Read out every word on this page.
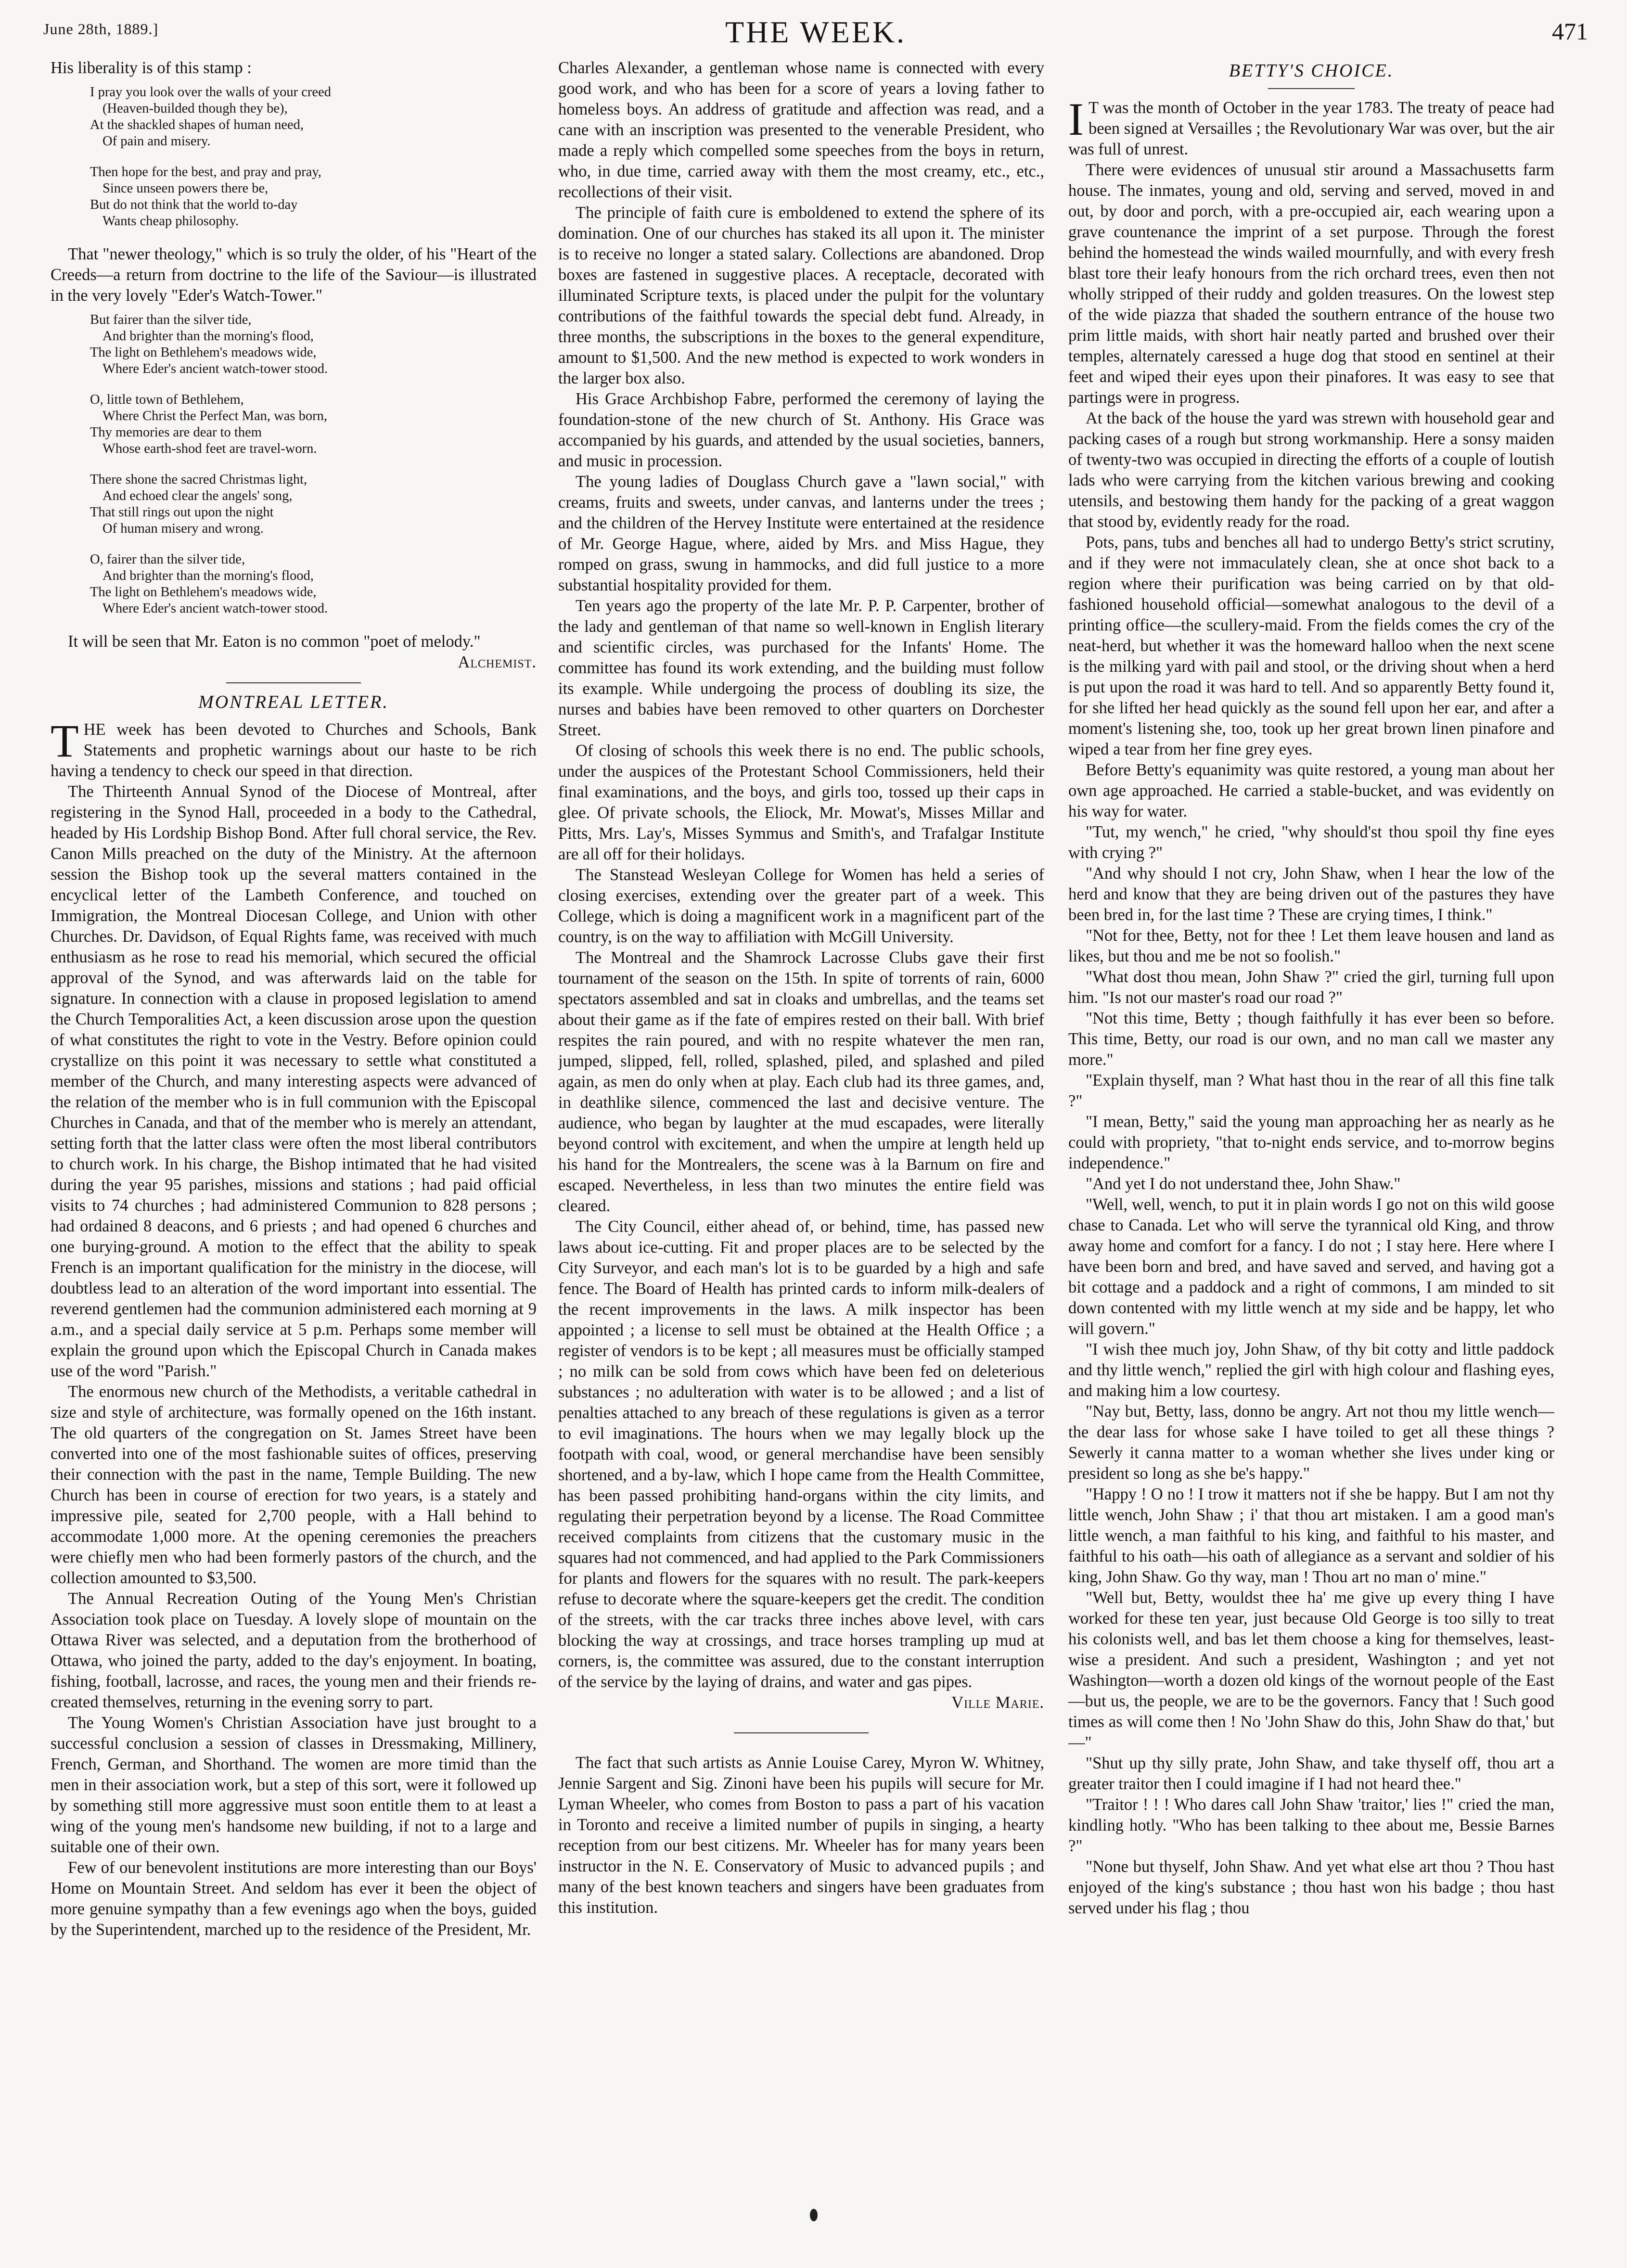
June 28th, 1889.]	THE WEEK.	471

His liberality is of this stamp :

I pray you look over the walls of your creed
(Heaven-builded though they be),
At the shackled shapes of human need,
Of pain and misery.
Then hope for the best, and pray and pray,
Since unseen powers there be,
But do not think that the world to-day
Wants cheap philosophy.

That "newer theology," which is so truly the older, of his "Heart of the Creeds—a return from doctrine to the life of the Saviour—is illustrated in the very lovely "Eder's Watch-Tower."

But fairer than the silver tide,
And brighter than the morning's flood,
The light on Bethlehem's meadows wide,
Where Eder's ancient watch-tower stood.
O, little town of Bethlehem,
Where Christ the Perfect Man, was born,
Thy memories are dear to them
Whose earth-shod feet are travel-worn.
There shone the sacred Christmas light,
And echoed clear the angels' song,
That still rings out upon the night
Of human misery and wrong.
O, fairer than the silver tide,
And brighter than the morning's flood,
The light on Bethlehem's meadows wide,
Where Eder's ancient watch-tower stood.

It will be seen that Mr. Eaton is no common "poet of melody."

Alchemist.
MONTREAL LETTER.

THE week has been devoted to Churches and Schools, Bank Statements and prophetic warnings about our haste to be rich having a tendency to check our speed in that direction.

The Thirteenth Annual Synod of the Diocese of Montreal, after registering in the Synod Hall, proceeded in a body to the Cathedral, headed by His Lordship Bishop Bond. After full choral service, the Rev. Canon Mills preached on the duty of the Ministry. At the afternoon session the Bishop took up the several matters contained in the encyclical letter of the Lambeth Conference, and touched on Immigration, the Montreal Diocesan College, and Union with other Churches. Dr. Davidson, of Equal Rights fame, was received with much enthusiasm as he rose to read his memorial, which secured the official approval of the Synod, and was afterwards laid on the table for signature. In connection with a clause in proposed legislation to amend the Church Temporalities Act, a keen discussion arose upon the question of what constitutes the right to vote in the Vestry. Before opinion could crystallize on this point it was necessary to settle what constituted a member of the Church, and many interesting aspects were advanced of the relation of the member who is in full communion with the Episcopal Churches in Canada, and that of the member who is merely an attendant, setting forth that the latter class were often the most liberal contributors to church work. In his charge, the Bishop intimated that he had visited during the year 95 parishes, missions and stations ; had paid official visits to 74 churches ; had administered Communion to 828 persons ; had ordained 8 deacons, and 6 priests ; and had opened 6 churches and one burying-ground. A motion to the effect that the ability to speak French is an important qualification for the ministry in the diocese, will doubtless lead to an alteration of the word important into essential. The reverend gentlemen had the communion administered each morning at 9 a.m., and a special daily service at 5 p.m. Perhaps some member will explain the ground upon which the Episcopal Church in Canada makes use of the word "Parish."

The enormous new church of the Methodists, a veritable cathedral in size and style of architecture, was formally opened on the 16th instant. The old quarters of the congregation on St. James Street have been converted into one of the most fashionable suites of offices, preserving their connection with the past in the name, Temple Building. The new Church has been in course of erection for two years, is a stately and impressive pile, seated for 2,700 people, with a Hall behind to accommodate 1,000 more. At the opening ceremonies the preachers were chiefly men who had been formerly pastors of the church, and the collection amounted to $3,500.

The Annual Recreation Outing of the Young Men's Christian Association took place on Tuesday. A lovely slope of mountain on the Ottawa River was selected, and a deputation from the brotherhood of Ottawa, who joined the party, added to the day's enjoyment. In boating, fishing, football, lacrosse, and races, the young men and their friends re-created themselves, returning in the evening sorry to part.

The Young Women's Christian Association have just brought to a successful conclusion a session of classes in Dressmaking, Millinery, French, German, and Shorthand. The women are more timid than the men in their association work, but a step of this sort, were it followed up by something still more aggressive must soon entitle them to at least a wing of the young men's handsome new building, if not to a large and suitable one of their own.

Few of our benevolent institutions are more interesting than our Boys' Home on Mountain Street. And seldom has ever it been the object of more genuine sympathy than a few evenings ago when the boys, guided by the Superintendent, marched up to the residence of the President, Mr.

Charles Alexander, a gentleman whose name is connected with every good work, and who has been for a score of years a loving father to homeless boys. An address of gratitude and affection was read, and a cane with an inscription was presented to the venerable President, who made a reply which compelled some speeches from the boys in return, who, in due time, carried away with them the most creamy, etc., etc., recollections of their visit.

The principle of faith cure is emboldened to extend the sphere of its domination. One of our churches has staked its all upon it. The minister is to receive no longer a stated salary. Collections are abandoned. Drop boxes are fastened in suggestive places. A receptacle, decorated with illuminated Scripture texts, is placed under the pulpit for the voluntary contributions of the faithful towards the special debt fund. Already, in three months, the subscriptions in the boxes to the general expenditure, amount to $1,500. And the new method is expected to work wonders in the larger box also.

His Grace Archbishop Fabre, performed the ceremony of laying the foundation-stone of the new church of St. Anthony. His Grace was accompanied by his guards, and attended by the usual societies, banners, and music in procession.

The young ladies of Douglass Church gave a "lawn social," with creams, fruits and sweets, under canvas, and lanterns under the trees ; and the children of the Hervey Institute were entertained at the residence of Mr. George Hague, where, aided by Mrs. and Miss Hague, they romped on grass, swung in hammocks, and did full justice to a more substantial hospitality provided for them.

Ten years ago the property of the late Mr. P. P. Carpenter, brother of the lady and gentleman of that name so well-known in English literary and scientific circles, was purchased for the Infants' Home. The committee has found its work extending, and the building must follow its example. While undergoing the process of doubling its size, the nurses and babies have been removed to other quarters on Dorchester Street.

Of closing of schools this week there is no end. The public schools, under the auspices of the Protestant School Commissioners, held their final examinations, and the boys, and girls too, tossed up their caps in glee. Of private schools, the Eliock, Mr. Mowat's, Misses Millar and Pitts, Mrs. Lay's, Misses Symmus and Smith's, and Trafalgar Institute are all off for their holidays.

The Stanstead Wesleyan College for Women has held a series of closing exercises, extending over the greater part of a week. This College, which is doing a magnificent work in a magnificent part of the country, is on the way to affiliation with McGill University.

The Montreal and the Shamrock Lacrosse Clubs gave their first tournament of the season on the 15th. In spite of torrents of rain, 6000 spectators assembled and sat in cloaks and umbrellas, and the teams set about their game as if the fate of empires rested on their ball. With brief respites the rain poured, and with no respite whatever the men ran, jumped, slipped, fell, rolled, splashed, piled, and splashed and piled again, as men do only when at play. Each club had its three games, and, in deathlike silence, commenced the last and decisive venture. The audience, who began by laughter at the mud escapades, were literally beyond control with excitement, and when the umpire at length held up his hand for the Montrealers, the scene was à la Barnum on fire and escaped. Nevertheless, in less than two minutes the entire field was cleared.

The City Council, either ahead of, or behind, time, has passed new laws about ice-cutting. Fit and proper places are to be selected by the City Surveyor, and each man's lot is to be guarded by a high and safe fence. The Board of Health has printed cards to inform milk-dealers of the recent improvements in the laws. A milk inspector has been appointed ; a license to sell must be obtained at the Health Office ; a register of vendors is to be kept ; all measures must be officially stamped ; no milk can be sold from cows which have been fed on deleterious substances ; no adulteration with water is to be allowed ; and a list of penalties attached to any breach of these regulations is given as a terror to evil imaginations. The hours when we may legally block up the footpath with coal, wood, or general merchandise have been sensibly shortened, and a by-law, which I hope came from the Health Committee, has been passed prohibiting hand-organs within the city limits, and regulating their perpetration beyond by a license. The Road Committee received complaints from citizens that the customary music in the squares had not commenced, and had applied to the Park Commissioners for plants and flowers for the squares with no result. The park-keepers refuse to decorate where the square-keepers get the credit. The condition of the streets, with the car tracks three inches above level, with cars blocking the way at crossings, and trace horses trampling up mud at corners, is, the committee was assured, due to the constant interruption of the service by the laying of drains, and water and gas pipes.

Ville Marie.

The fact that such artists as Annie Louise Carey, Myron W. Whitney, Jennie Sargent and Sig. Zinoni have been his pupils will secure for Mr. Lyman Wheeler, who comes from Boston to pass a part of his vacation in Toronto and receive a limited number of pupils in singing, a hearty reception from our best citizens. Mr. Wheeler has for many years been instructor in the N. E. Conservatory of Music to advanced pupils ; and many of the best known teachers and singers have been graduates from this institution.

BETTY'S CHOICE.

I T was the month of October in the year 1783. The treaty of peace had been signed at Versailles ; the Revolutionary War was over, but the air was full of unrest.

There were evidences of unusual stir around a Massachusetts farm house. The inmates, young and old, serving and served, moved in and out, by door and porch, with a pre-occupied air, each wearing upon a grave countenance the imprint of a set purpose. Through the forest behind the homestead the winds wailed mournfully, and with every fresh blast tore their leafy honours from the rich orchard trees, even then not wholly stripped of their ruddy and golden treasures. On the lowest step of the wide piazza that shaded the southern entrance of the house two prim little maids, with short hair neatly parted and brushed over their temples, alternately caressed a huge dog that stood en sentinel at their feet and wiped their eyes upon their pinafores. It was easy to see that partings were in progress.

At the back of the house the yard was strewn with household gear and packing cases of a rough but strong workmanship. Here a sonsy maiden of twenty-two was occupied in directing the efforts of a couple of loutish lads who were carrying from the kitchen various brewing and cooking utensils, and bestowing them handy for the packing of a great waggon that stood by, evidently ready for the road.

Pots, pans, tubs and benches all had to undergo Betty's strict scrutiny, and if they were not immaculately clean, she at once shot back to a region where their purification was being carried on by that old-fashioned household official—somewhat analogous to the devil of a printing office—the scullery-maid. From the fields comes the cry of the neat-herd, but whether it was the homeward halloo when the next scene is the milking yard with pail and stool, or the driving shout when a herd is put upon the road it was hard to tell. And so apparently Betty found it, for she lifted her head quickly as the sound fell upon her ear, and after a moment's listening she, too, took up her great brown linen pinafore and wiped a tear from her fine grey eyes.

Before Betty's equanimity was quite restored, a young man about her own age approached. He carried a stable-bucket, and was evidently on his way for water.

"Tut, my wench," he cried, "why should'st thou spoil thy fine eyes with crying ?"

"And why should I not cry, John Shaw, when I hear the low of the herd and know that they are being driven out of the pastures they have been bred in, for the last time ? These are crying times, I think."

"Not for thee, Betty, not for thee ! Let them leave housen and land as likes, but thou and me be not so foolish."

"What dost thou mean, John Shaw ?" cried the girl, turning full upon him. "Is not our master's road our road ?"

"Not this time, Betty ; though faithfully it has ever been so before. This time, Betty, our road is our own, and no man call we master any more."

"Explain thyself, man ? What hast thou in the rear of all this fine talk ?"

"I mean, Betty," said the young man approaching her as nearly as he could with propriety, "that to-night ends service, and to-morrow begins independence."

"And yet I do not understand thee, John Shaw."

"Well, well, wench, to put it in plain words I go not on this wild goose chase to Canada. Let who will serve the tyrannical old King, and throw away home and comfort for a fancy. I do not ; I stay here. Here where I have been born and bred, and have saved and served, and having got a bit cottage and a paddock and a right of commons, I am minded to sit down contented with my little wench at my side and be happy, let who will govern."

"I wish thee much joy, John Shaw, of thy bit cotty and little paddock and thy little wench," replied the girl with high colour and flashing eyes, and making him a low courtesy.

"Nay but, Betty, lass, donno be angry. Art not thou my little wench—the dear lass for whose sake I have toiled to get all these things ? Sewerly it canna matter to a woman whether she lives under king or president so long as she be's happy."

"Happy ! O no ! I trow it matters not if she be happy. But I am not thy little wench, John Shaw ; i' that thou art mistaken. I am a good man's little wench, a man faithful to his king, and faithful to his master, and faithful to his oath—his oath of allegiance as a servant and soldier of his king, John Shaw. Go thy way, man ! Thou art no man o' mine."

"Well but, Betty, wouldst thee ha' me give up every thing I have worked for these ten year, just because Old George is too silly to treat his colonists well, and bas let them choose a king for themselves, least-wise a president. And such a president, Washington ; and yet not Washington—worth a dozen old kings of the wornout people of the East—but us, the people, we are to be the governors. Fancy that ! Such good times as will come then ! No 'John Shaw do this, John Shaw do that,' but—"

"Shut up thy silly prate, John Shaw, and take thyself off, thou art a greater traitor then I could imagine if I had not heard thee."

"Traitor ! ! ! Who dares call John Shaw 'traitor,' lies !" cried the man, kindling hotly. "Who has been talking to thee about me, Bessie Barnes ?"

"None but thyself, John Shaw. And yet what else art thou ? Thou hast enjoyed of the king's substance ; thou hast won his badge ; thou hast served under his flag ; thou
